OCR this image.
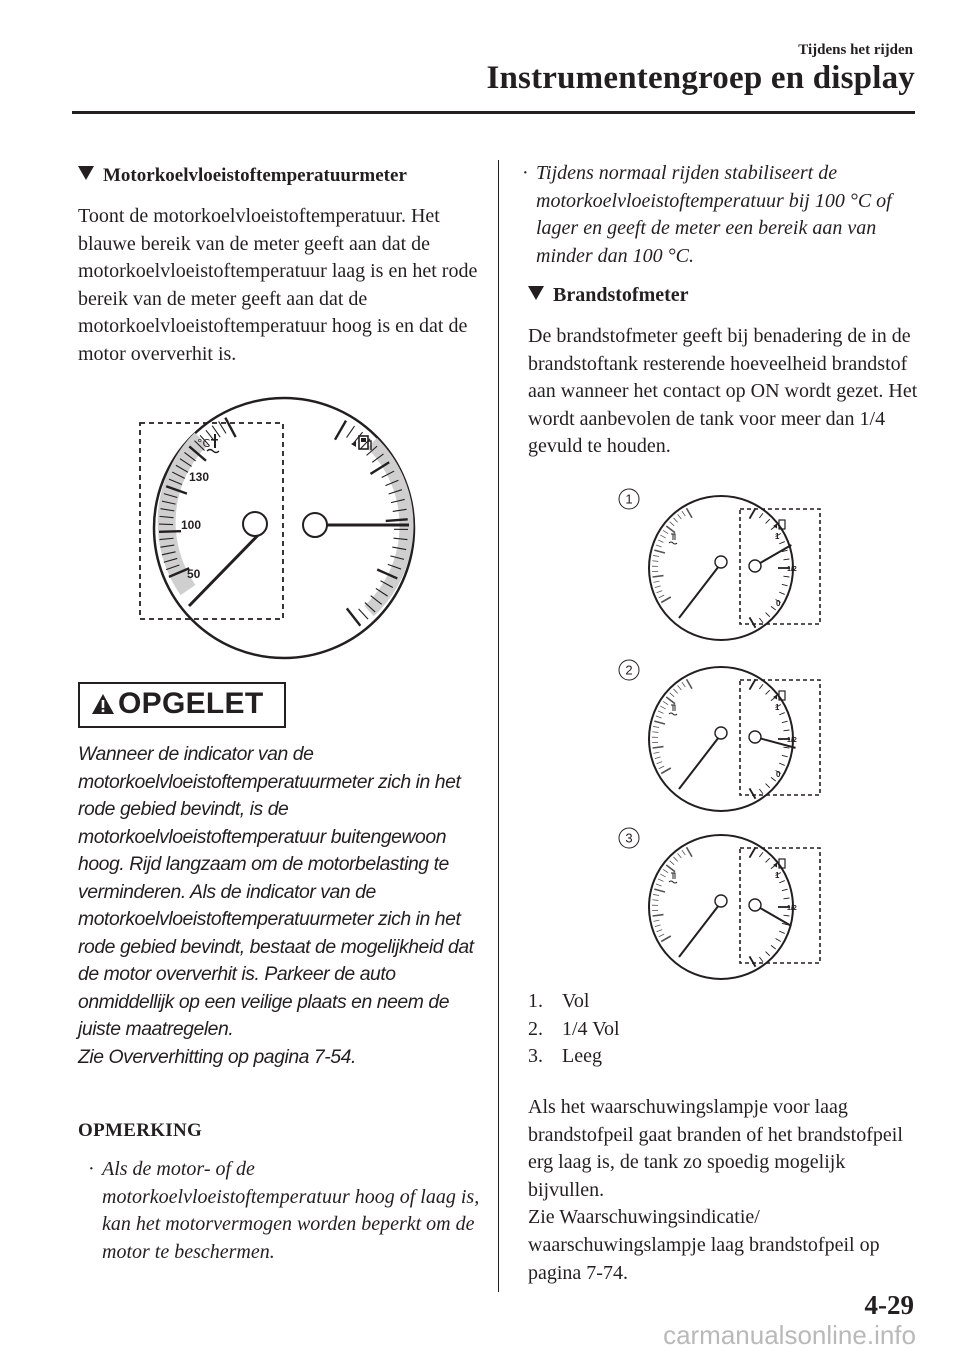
Tijdens het rijden
Instrumentengroep en display
Motorkoelvloeistoftemperatuurmeter
Toont de motorkoelvloeistoftemperatuur. Het blauwe bereik van de meter geeft aan dat de motorkoelvloeistoftemperatuur laag is en het rode bereik van de meter geeft aan dat de motorkoelvloeistoftemperatuur hoog is en dat de motor oververhit is.
130
100
50
°C
OPGELET
Wanneer de indicator van de motorkoelvloeistoftemperatuurmeter zich in het rode gebied bevindt, is de motorkoelvloeistoftemperatuur buitengewoon hoog. Rijd langzaam om de motorbelasting te verminderen. Als de indicator van de motorkoelvloeistoftemperatuurmeter zich in het rode gebied bevindt, bestaat de mogelijkheid dat de motor oververhit is. Parkeer de auto onmiddellijk op een veilige plaats en neem de juiste maatregelen.
Zie Oververhitting op pagina 7-54.
OPMERKING
· Als de motor- of de motorkoelvloeistoftemperatuur hoog of laag is, kan het motorvermogen worden beperkt om de motor te beschermen.
· Tijdens normaal rijden stabiliseert de motorkoelvloeistoftemperatuur bij 100 °C of lager en geeft de meter een bereik aan van minder dan 100 °C.
Brandstofmeter
De brandstofmeter geeft bij benadering de in de brandstoftank resterende hoeveelheid brandstof aan wanneer het contact op ON wordt gezet. Het wordt aanbevolen de tank voor meer dan 1/4 gevuld te houden.
1
1/2
0
1
1
1/2
0
2
1
1/2
3
1. Vol
2. 1/4 Vol
3. Leeg
Als het waarschuwingslampje voor laag brandstofpeil gaat branden of het brandstofpeil erg laag is, de tank zo spoedig mogelijk bijvullen.
Zie Waarschuwingsindicatie/ waarschuwingslampje laag brandstofpeil op pagina 7-74.
4-29
carmanualsonline.info
